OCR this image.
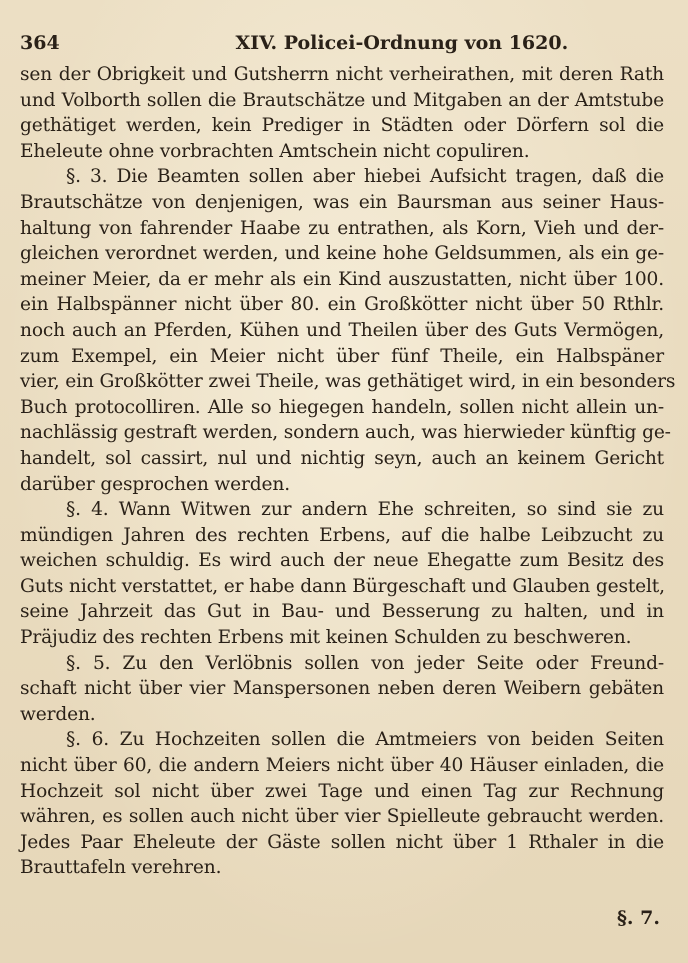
364	XIV. Policei-Ordnung von 1620.
sen der Obrigkeit und Gutsherrn nicht verheirathen, mit deren Rath
und Volborth sollen die Brautschätze und Mitgaben an der Amtstube
gethätiget werden, kein Prediger in Städten oder Dörfern sol die
Eheleute ohne vorbrachten Amtschein nicht copuliren.
§. 3. Die Beamten sollen aber hiebei Aufsicht tragen, daß die
Brautschätze von denjenigen, was ein Baursman aus seiner Haus-
haltung von fahrender Haabe zu entrathen, als Korn, Vieh und der-
gleichen verordnet werden, und keine hohe Geldsummen, als ein ge-
meiner Meier, da er mehr als ein Kind auszustatten, nicht über 100.
ein Halbspänner nicht über 80. ein Großkötter nicht über 50 Rthlr.
noch auch an Pferden, Kühen und Theilen über des Guts Vermögen,
zum Exempel, ein Meier nicht über fünf Theile, ein Halbspäner
vier, ein Großkötter zwei Theile, was gethätiget wird, in ein besonders
Buch protocolliren. Alle so hiegegen handeln, sollen nicht allein un-
nachlässig gestraft werden, sondern auch, was hierwieder künftig ge-
handelt, sol cassirt, nul und nichtig seyn, auch an keinem Gericht
darüber gesprochen werden.
§. 4. Wann Witwen zur andern Ehe schreiten, so sind sie zu
mündigen Jahren des rechten Erbens, auf die halbe Leibzucht zu
weichen schuldig. Es wird auch der neue Ehegatte zum Besitz des
Guts nicht verstattet, er habe dann Bürgeschaft und Glauben gestelt,
seine Jahrzeit das Gut in Bau- und Besserung zu halten, und in
Präjudiz des rechten Erbens mit keinen Schulden zu beschweren.
§. 5. Zu den Verlöbnis sollen von jeder Seite oder Freund-
schaft nicht über vier Manspersonen neben deren Weibern gebäten
werden.
§. 6. Zu Hochzeiten sollen die Amtmeiers von beiden Seiten
nicht über 60, die andern Meiers nicht über 40 Häuser einladen, die
Hochzeit sol nicht über zwei Tage und einen Tag zur Rechnung
währen, es sollen auch nicht über vier Spielleute gebraucht werden.
Jedes Paar Eheleute der Gäste sollen nicht über 1 Rthaler in die
Brauttafeln verehren.
§. 7.
